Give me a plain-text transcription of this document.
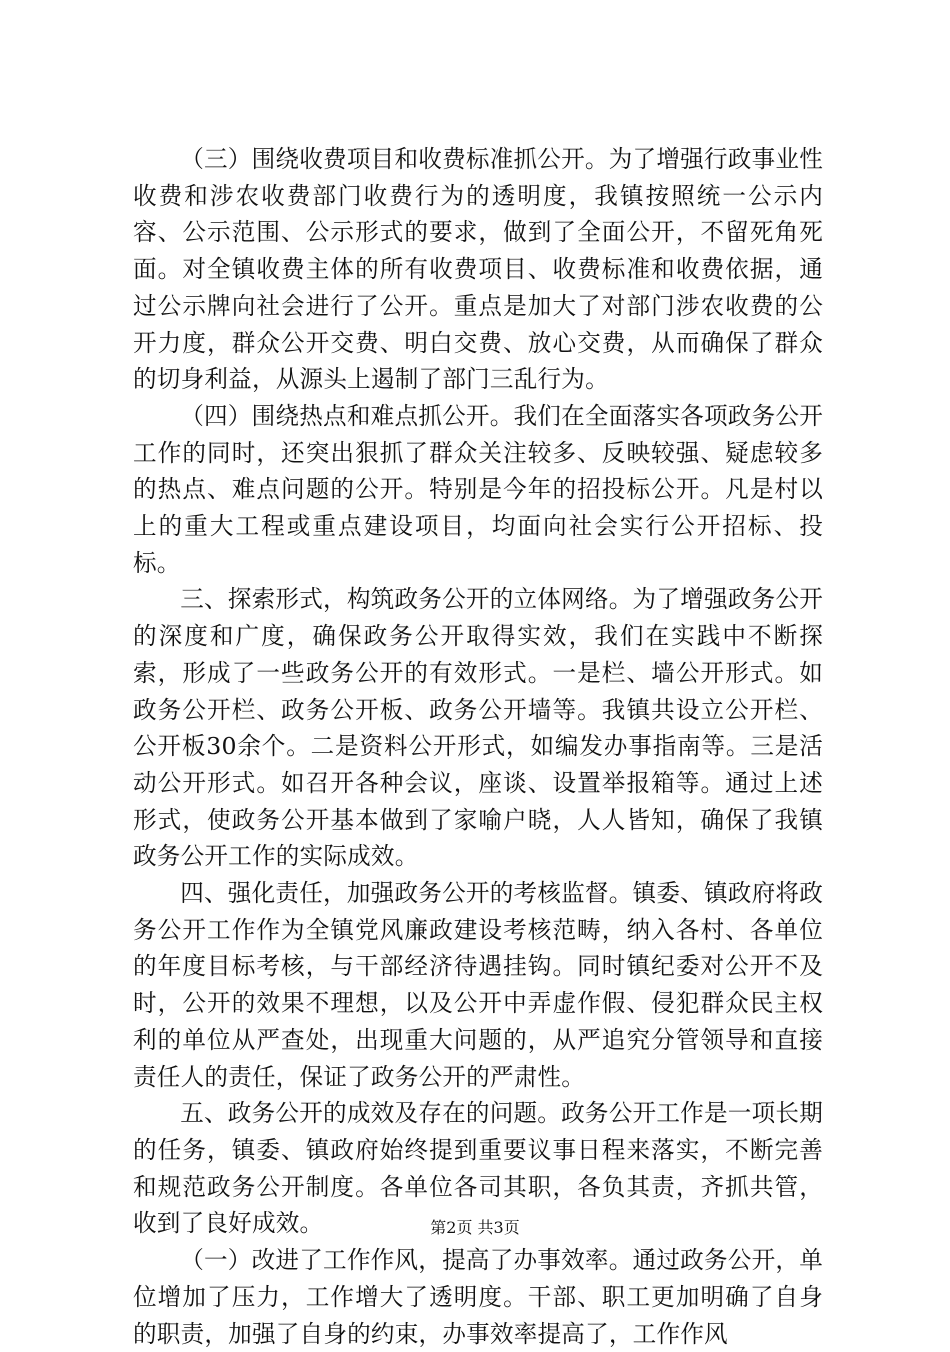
（三）围绕收费项目和收费标准抓公开。为了增强行政事业性收费和涉农收费部门收费行为的透明度，我镇按照统一公示内容、公示范围、公示形式的要求，做到了全面公开，不留死角死面。对全镇收费主体的所有收费项目、收费标准和收费依据，通过公示牌向社会进行了公开。重点是加大了对部门涉农收费的公开力度，群众公开交费、明白交费、放心交费，从而确保了群众的切身利益，从源头上遏制了部门三乱行为。

（四）围绕热点和难点抓公开。我们在全面落实各项政务公开工作的同时，还突出狠抓了群众关注较多、反映较强、疑虑较多的热点、难点问题的公开。特别是今年的招投标公开。凡是村以上的重大工程或重点建设项目，均面向社会实行公开招标、投标。

三、探索形式，构筑政务公开的立体网络。为了增强政务公开的深度和广度，确保政务公开取得实效，我们在实践中不断探索，形成了一些政务公开的有效形式。一是栏、墙公开形式。如政务公开栏、政务公开板、政务公开墙等。我镇共设立公开栏、公开板30余个。二是资料公开形式，如编发办事指南等。三是活动公开形式。如召开各种会议，座谈、设置举报箱等。通过上述形式，使政务公开基本做到了家喻户晓，人人皆知，确保了我镇政务公开工作的实际成效。

四、强化责任，加强政务公开的考核监督。镇委、镇政府将政务公开工作作为全镇党风廉政建设考核范畴，纳入各村、各单位的年度目标考核，与干部经济待遇挂钩。同时镇纪委对公开不及时，公开的效果不理想，以及公开中弄虚作假、侵犯群众民主权利的单位从严查处，出现重大问题的，从严追究分管领导和直接责任人的责任，保证了政务公开的严肃性。

五、政务公开的成效及存在的问题。政务公开工作是一项长期的任务，镇委、镇政府始终提到重要议事日程来落实，不断完善和规范政务公开制度。各单位各司其职，各负其责，齐抓共管，收到了良好成效。

（一）改进了工作作风，提高了办事效率。通过政务公开，单位增加了压力，工作增大了透明度。干部、职工更加明确了自身的职责，加强了自身的约束，办事效率提高了，工作作风

第2页 共3页
